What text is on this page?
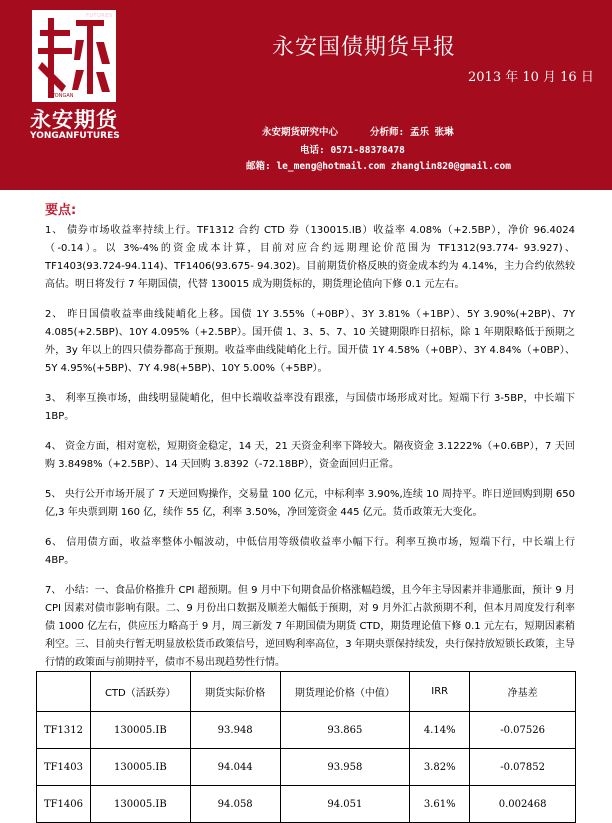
FUTURES
YONGAN
永安期货
YONGANFUTURES
永安国债期货早报
2013 年 10 月 16 日
永安期货研究中心	分析师: 孟乐 张琳
电话: 0571-88378478
邮箱: le_meng@hotmail.com zhanglin820@gmail.com
要点:

1、 债券市场收益率持续上行。TF1312 合约 CTD 券（130015.IB）收益率 4.08%（+2.5BP），净价 96.4024（-0.14）。以 3%-4%的资金成本计算，目前对应合约远期理论价范围为 TF1312(93.774- 93.927)、TF1403(93.724-94.114)、TF1406(93.675- 94.302)。目前期货价格反映的资金成本约为 4.14%，主力合约依然较高估。明日将发行 7 年期国债，代替 130015 成为期货标的，期货理论值向下修 0.1 元左右。

2、 昨日国债收益率曲线陡峭化上移。国债 1Y 3.55%（+0BP）、3Y 3.81%（+1BP）、5Y 3.90%(+2BP)、7Y 4.085(+2.5BP)、10Y 4.095%（+2.5BP）。国开债 1、3、5、7、10 关键期限昨日招标，除 1 年期限略低于预期之外，3y 年以上的四只债券都高于预期。收益率曲线陡峭化上行。国开债 1Y 4.58%（+0BP）、3Y 4.84%（+0BP）、5Y 4.95%(+5BP)、7Y 4.98(+5BP)、10Y 5.00%（+5BP）。

3、 利率互换市场，曲线明显陡峭化，但中长端收益率没有跟涨，与国债市场形成对比。短端下行 3-5BP，中长端下 1BP。

4、 资金方面，相对宽松，短期资金稳定，14 天，21 天资金利率下降较大。隔夜资金 3.1222%（+0.6BP），7 天回购 3.8498%（+2.5BP）、14 天回购 3.8392（-72.18BP），资金面回归正常。

5、 央行公开市场开展了 7 天逆回购操作，交易量 100 亿元，中标利率 3.90%,连续 10 周持平。昨日逆回购到期 650 亿,3 年央票到期 160 亿，续作 55 亿，利率 3.50%，净回笼资金 445 亿元。货币政策无大变化。

6、 信用债方面，收益率整体小幅波动，中低信用等级债收益率小幅下行。利率互换市场，短端下行，中长端上行 4BP。

7、 小结：一、食品价格推升 CPI 超预期。但 9 月中下旬期食品价格涨幅趋缓，且今年主导因素并非通胀面，预计 9 月 CPI 因素对债市影响有限。二、9 月份出口数据及顺差大幅低于预期，对 9 月外汇占款预期不利，但本月周度发行利率债 1000 亿左右，供应压力略高于 9 月，周三新发 7 年期国债为期货 CTD，期货理论值下修 0.1 元左右，短期因素稍利空。三、目前央行暂无明显放松货币政策信号，逆回购利率高位，3 年期央票保持续发，央行保持放短锁长政策，主导行情的政策面与前期持平，债市不易出现趋势性行情。

	CTD（活跃券）	期货实际价格	期货理论价格（中值）	IRR	净基差
TF1312	130005.IB	93.948	93.865	4.14%	-0.07526
TF1403	130005.IB	94.044	93.958	3.82%	-0.07852
TF1406	130005.IB	94.058	94.051	3.61%	0.002468
